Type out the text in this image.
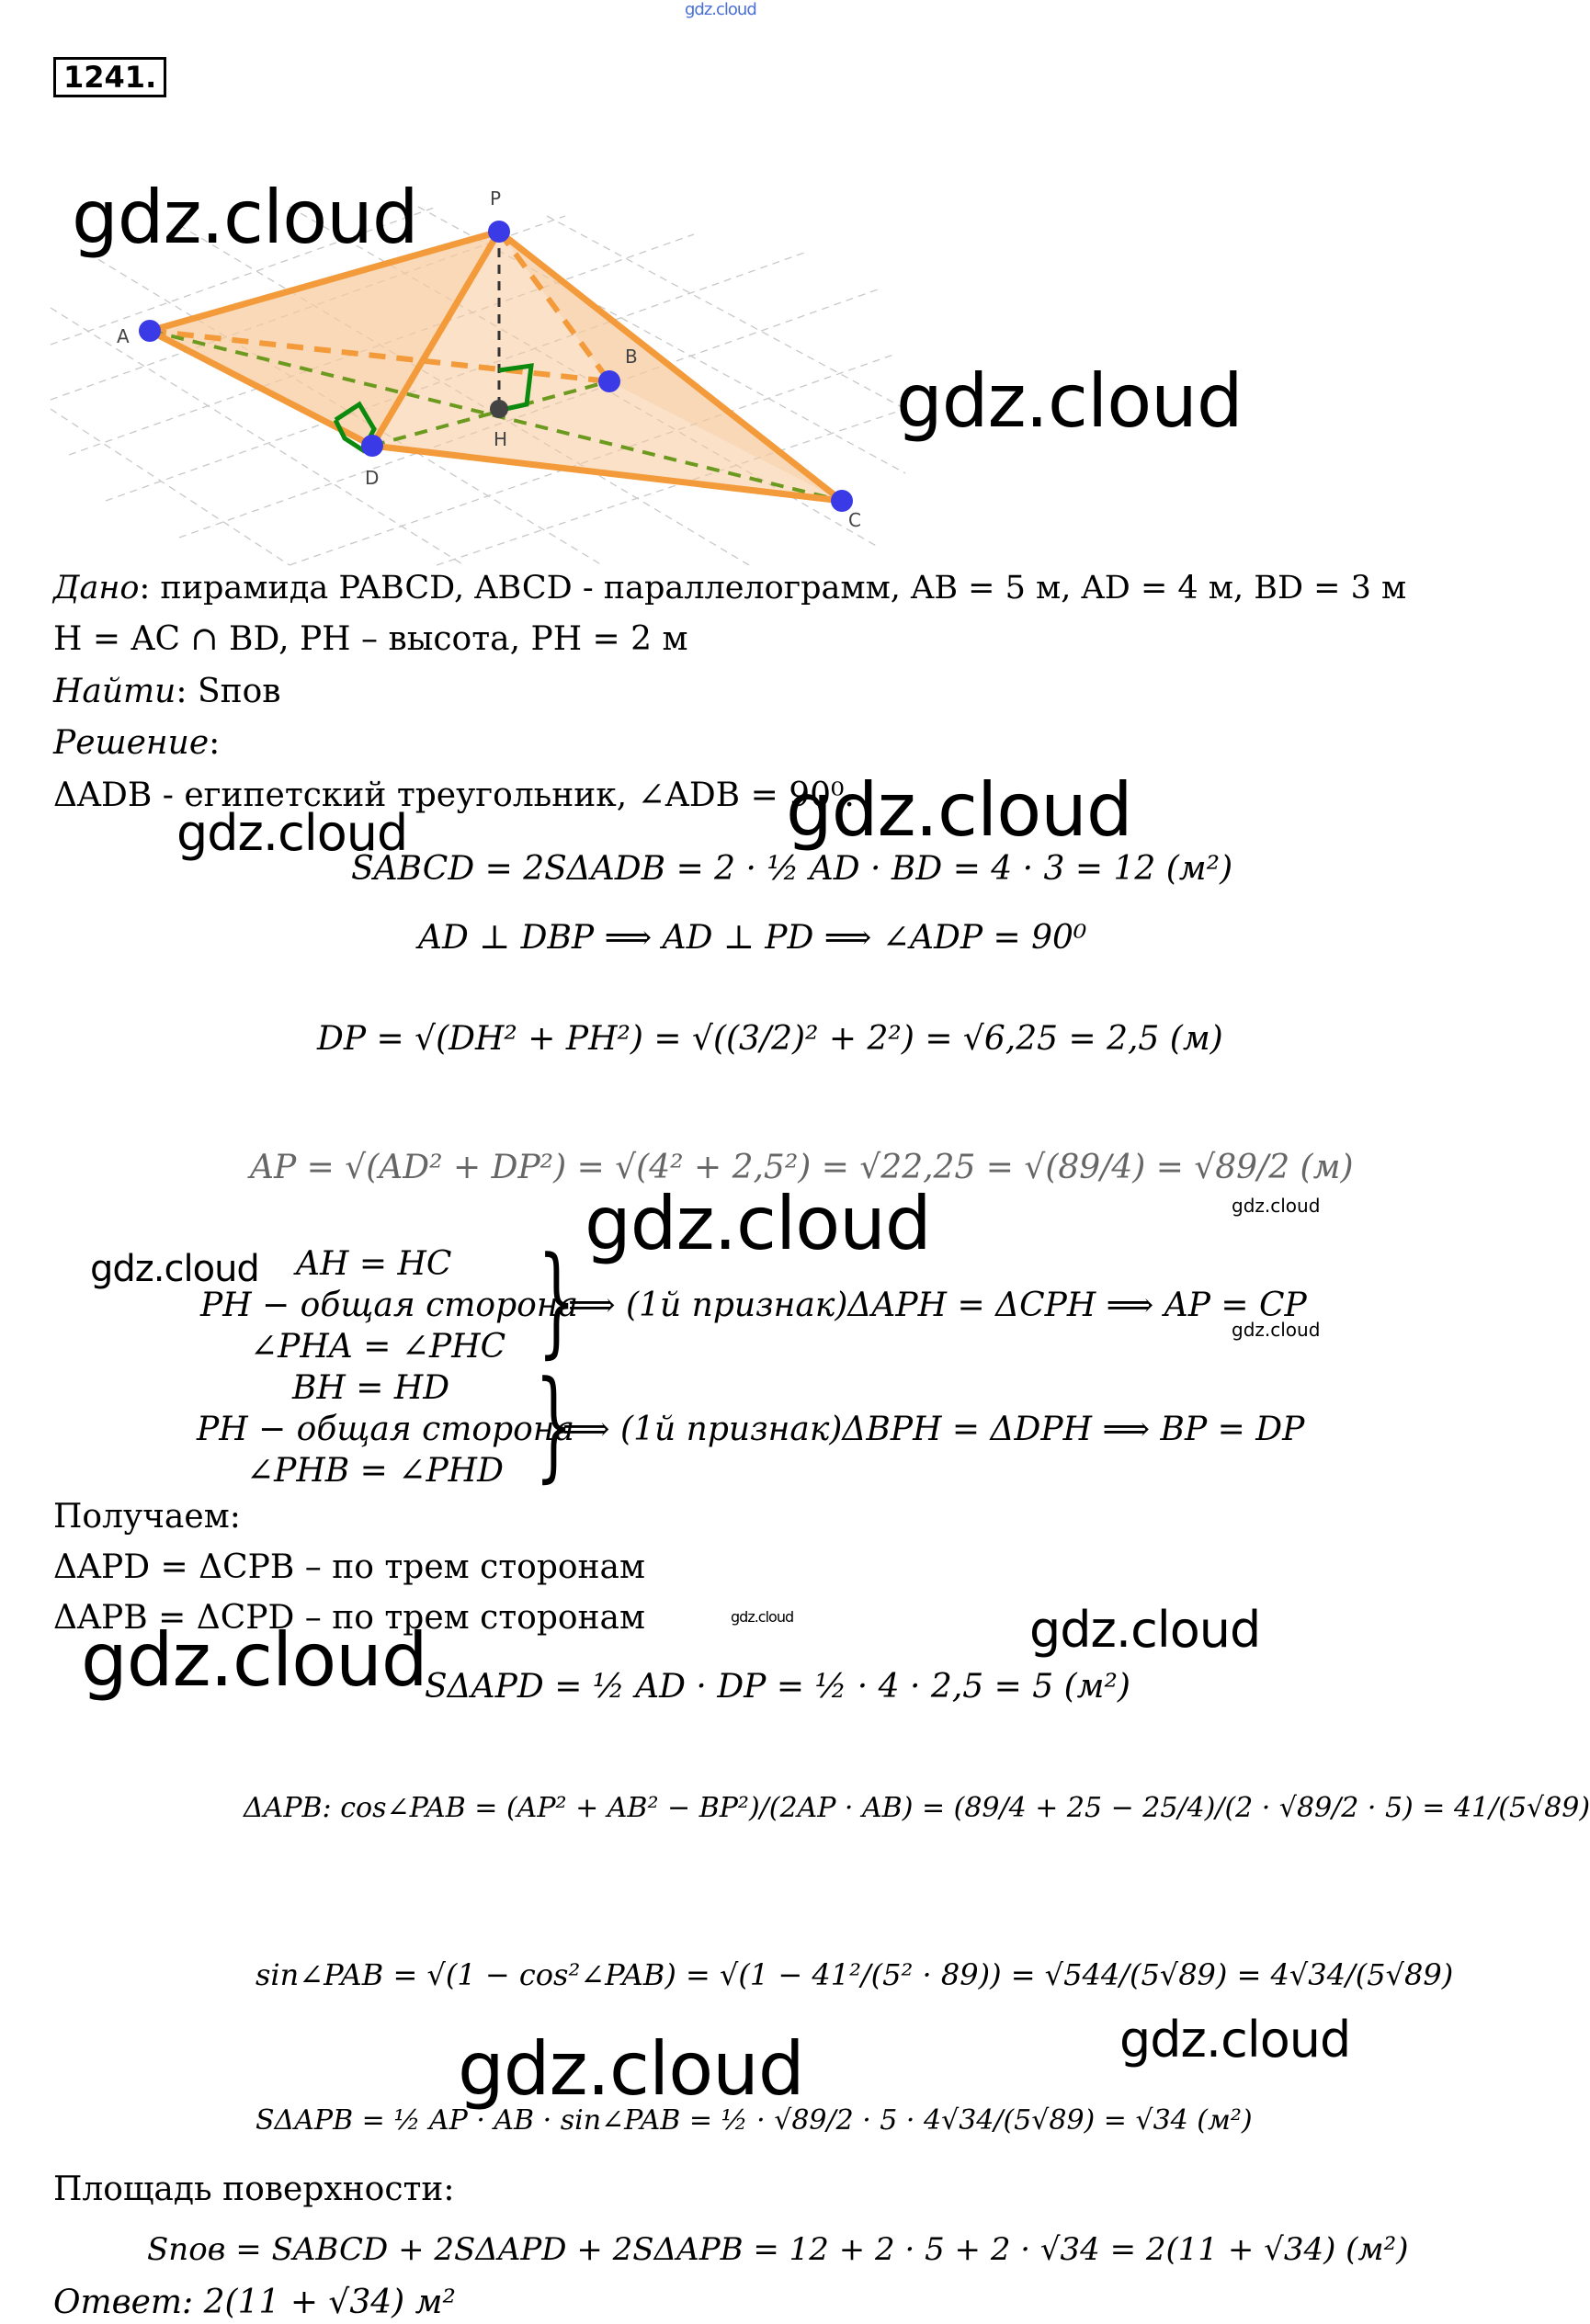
gdz.cloud
1241.
P
A
B
D
C
H
gdz.cloud
gdz.cloud
gdz.cloud
gdz.cloud
gdz.cloud	gdz.cloud
gdz.cloud
gdz.cloud
gdz.cloud	gdz.cloud
gdz.cloud
gdz.cloud
gdz.cloud
Дано: пирамида PABCD, ABCD - параллелограмм, AB = 5 м, AD = 4 м, BD = 3 м
H = AC ∩ BD, PH – высота, PH = 2 м
Найти: Sпов
Решение:
ΔADB - египетский треугольник, ∠ADB = 90⁰.
SABCD = 2SΔADB = 2 · ½ AD · BD = 4 · 3 = 12 (м²)
AD ⊥ DBP ⟹ AD ⊥ PD ⟹ ∠ADP = 90⁰
DP = √(DH² + PH²) = √((3/2)² + 2²) = √6,25 = 2,5 (м)
AP = √(AD² + DP²) = √(4² + 2,5²) = √22,25 = √(89/4) = √89/2 (м)
AH = HC
PH − общая сторона
∠PHA = ∠PHC }
⟹ (1й признак)ΔAPH = ΔCPH ⟹ AP = CP
BH = HD
PH − общая сторона
∠PHB = ∠PHD }
⟹ (1й признак)ΔBPH = ΔDPH ⟹ BP = DP
Получаем:
ΔAPD = ΔCPB – по трем сторонам
ΔAPB = ΔCPD – по трем сторонам
SΔAPD = ½ AD · DP = ½ · 4 · 2,5 = 5 (м²)
ΔAPB: cos∠PAB = (AP² + AB² − BP²)/(2AP · AB) = (89/4 + 25 − 25/4)/(2 · √89/2 · 5) = 41/(5√89)
sin∠PAB = √(1 − cos²∠PAB) = √(1 − 41²/(5² · 89)) = √544/(5√89) = 4√34/(5√89)
SΔAPB = ½ AP · AB · sin∠PAB = ½ · √89/2 · 5 · 4√34/(5√89) = √34 (м²)
Площадь поверхности:
Sпов = SABCD + 2SΔAPD + 2SΔAPB = 12 + 2 · 5 + 2 · √34 = 2(11 + √34) (м²)
Ответ: 2(11 + √34) м²
